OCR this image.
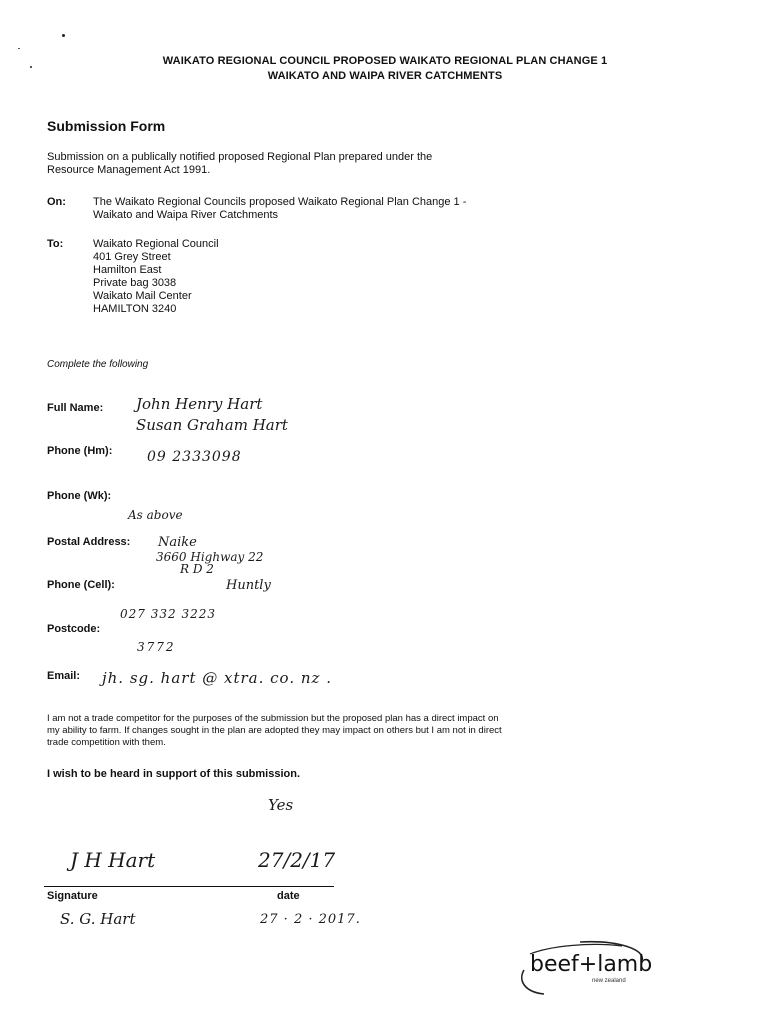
WAIKATO REGIONAL COUNCIL PROPOSED WAIKATO REGIONAL PLAN CHANGE 1
WAIKATO AND WAIPA RIVER CATCHMENTS
Submission Form
Submission on a publically notified proposed Regional Plan prepared under the
Resource Management Act 1991.
On: The Waikato Regional Councils proposed Waikato Regional Plan Change 1 -
Waikato and Waipa River Catchments
To:	Waikato Regional Council
401 Grey Street
Hamilton East
Private bag 3038
Waikato Mail Center
HAMILTON 3240
Complete the following
Full Name: John Henry Hart
Susan Graham Hart
Phone (Hm): 09 2333098
Phone (Wk):
As above
Postal Address: Naike
3660 Highway 22
R D 2
Huntly
Phone (Cell):
027 332 3223
Postcode:
3772
Email: jh. sg. hart @ xtra. co. nz .
I am not a trade competitor for the purposes of the submission but the proposed plan has a direct impact on
my ability to farm. If changes sought in the plan are adopted they may impact on others but I am not in direct
trade competition with them.
I wish to be heard in support of this submission.
Yes
J H Hart	27/2/17
Signature	date
S. G. Hart	27 · 2 · 2017.
beef+lamb
new zealand
